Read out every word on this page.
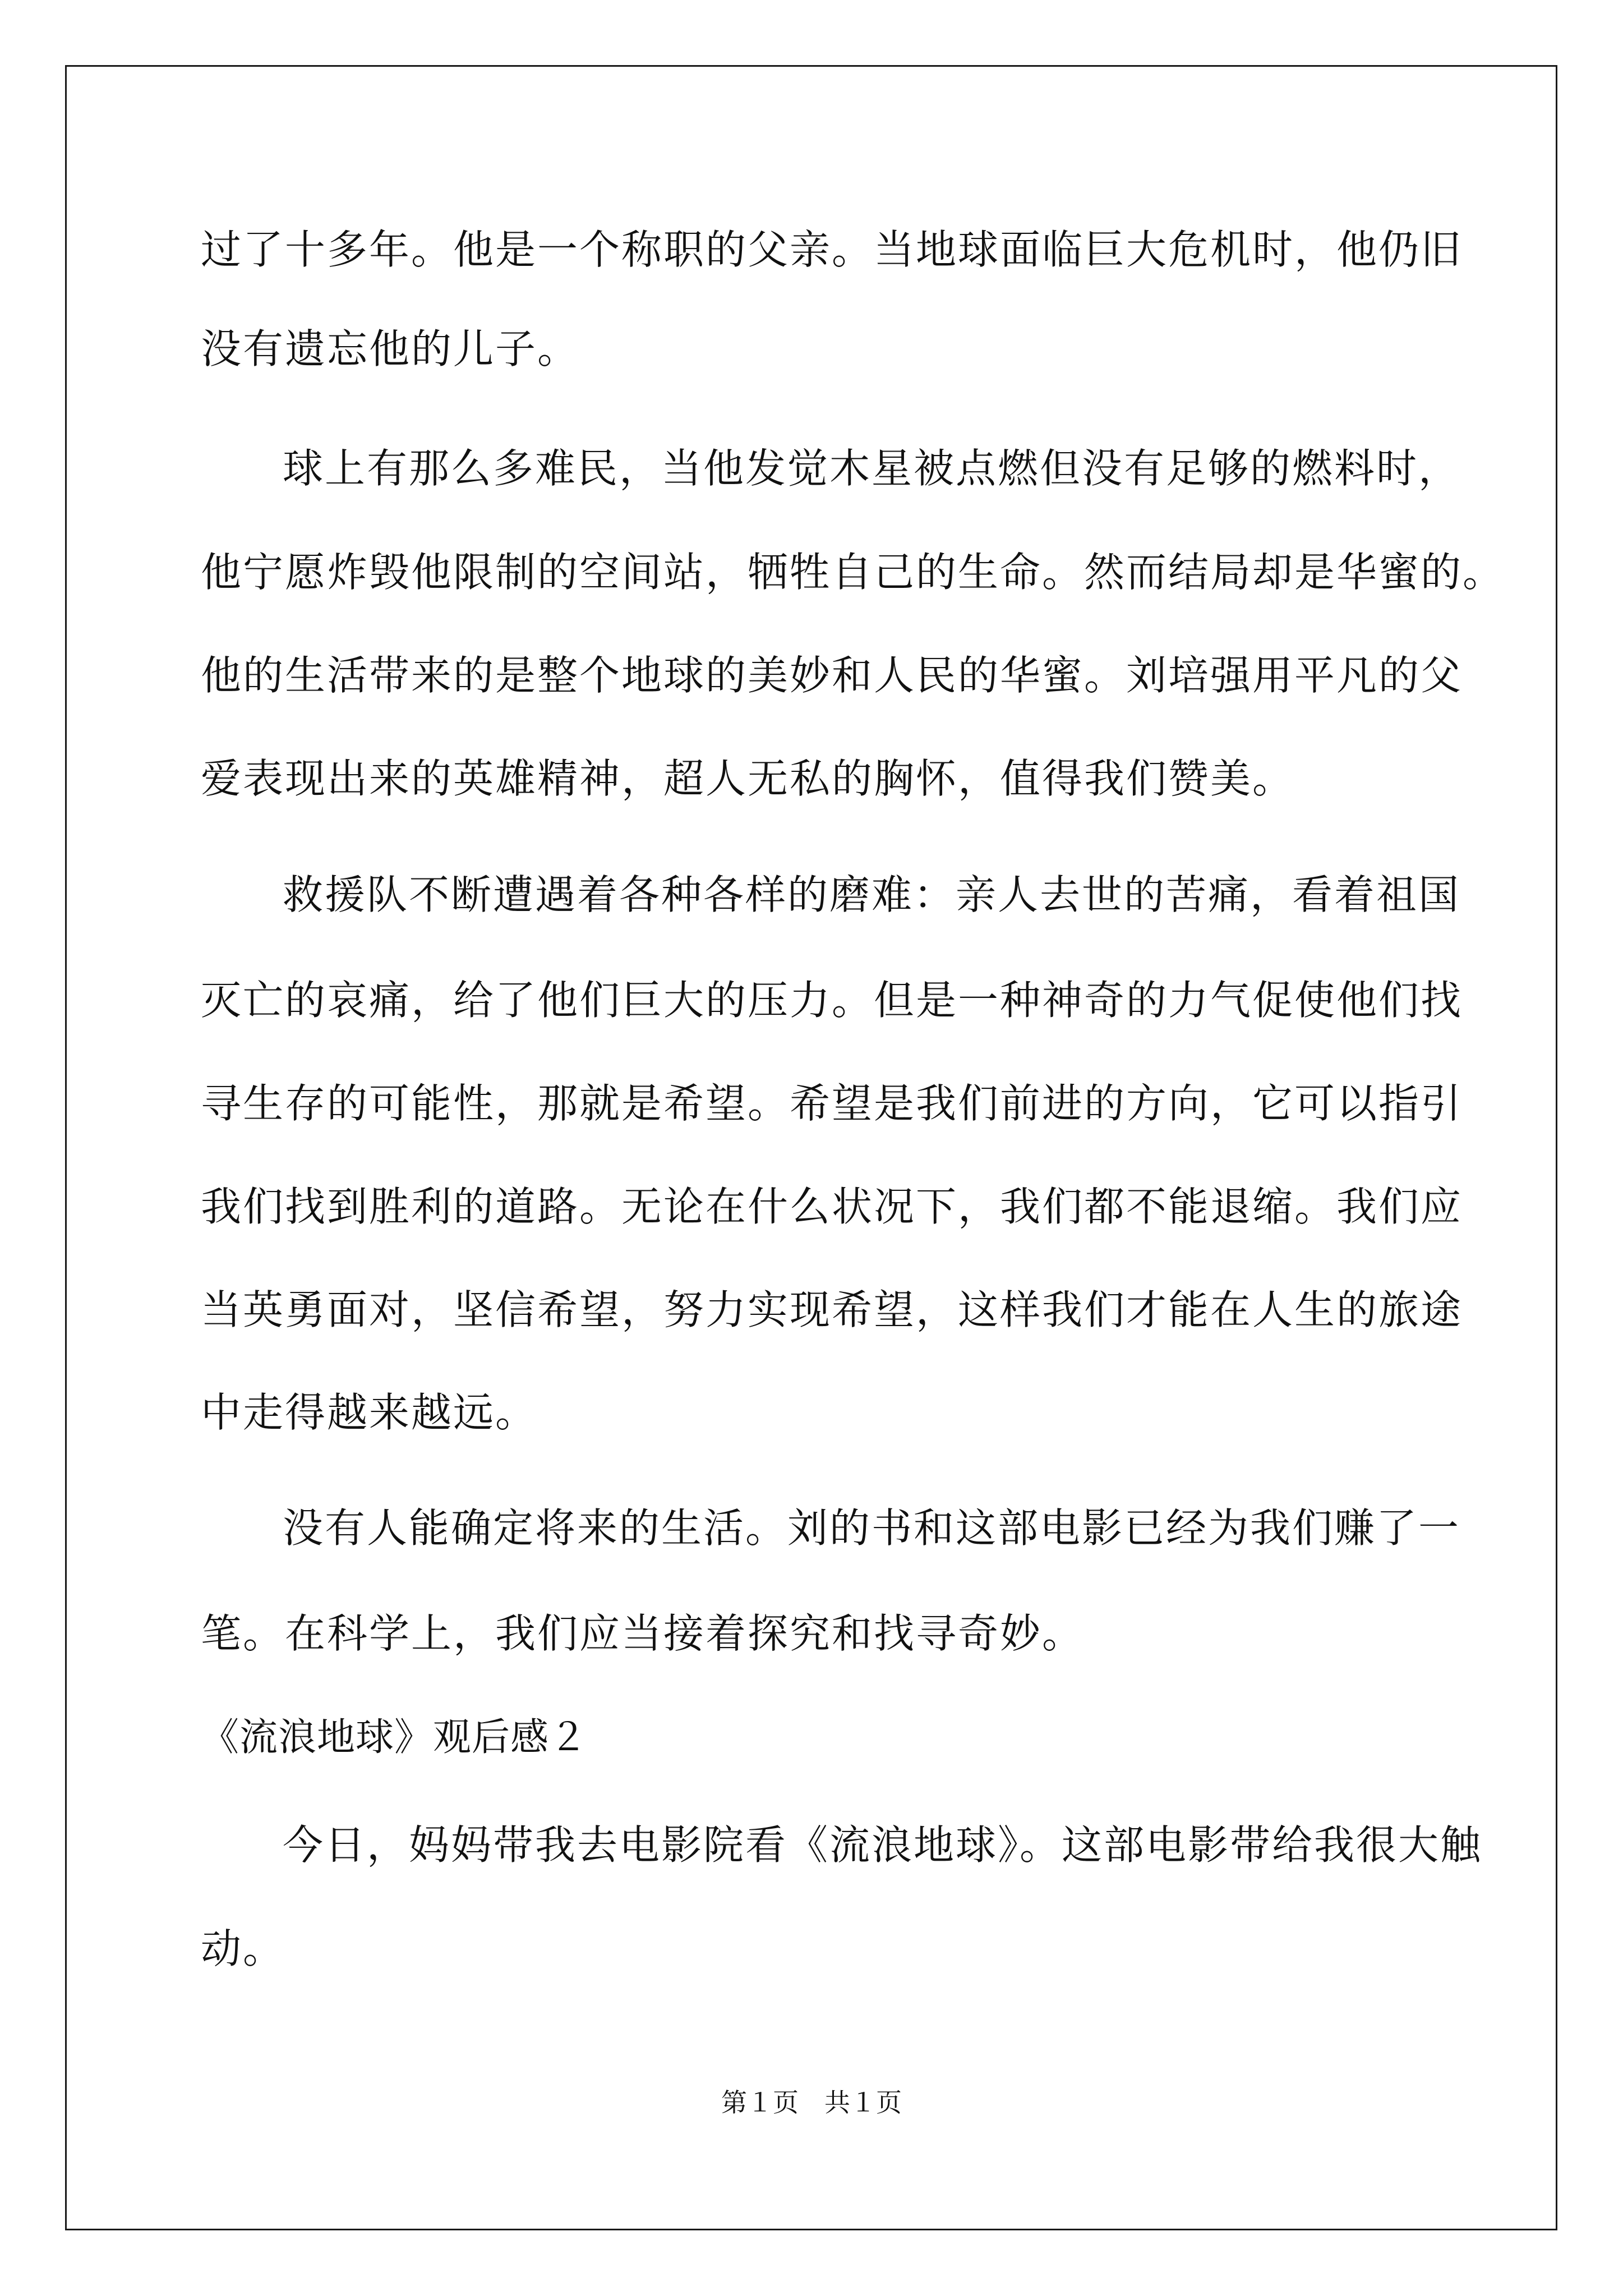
过了十多年。他是一个称职的父亲。当地球面临巨大危机时，他仍旧
没有遗忘他的儿子。
球上有那么多难民，当他发觉木星被点燃但没有足够的燃料时，
他宁愿炸毁他限制的空间站，牺牲自己的生命。然而结局却是华蜜的。
他的生活带来的是整个地球的美妙和人民的华蜜。刘培强用平凡的父
爱表现出来的英雄精神，超人无私的胸怀，值得我们赞美。
救援队不断遭遇着各种各样的磨难：亲人去世的苦痛，看着祖国
灭亡的哀痛，给了他们巨大的压力。但是一种神奇的力气促使他们找
寻生存的可能性，那就是希望。希望是我们前进的方向，它可以指引
我们找到胜利的道路。无论在什么状况下，我们都不能退缩。我们应
当英勇面对，坚信希望，努力实现希望，这样我们才能在人生的旅途
中走得越来越远。
没有人能确定将来的生活。刘的书和这部电影已经为我们赚了一
笔。在科学上，我们应当接着探究和找寻奇妙。
《流浪地球》观后感２
今日，妈妈带我去电影院看《流浪地球》。这部电影带给我很大触
动。
第１页　共１页
